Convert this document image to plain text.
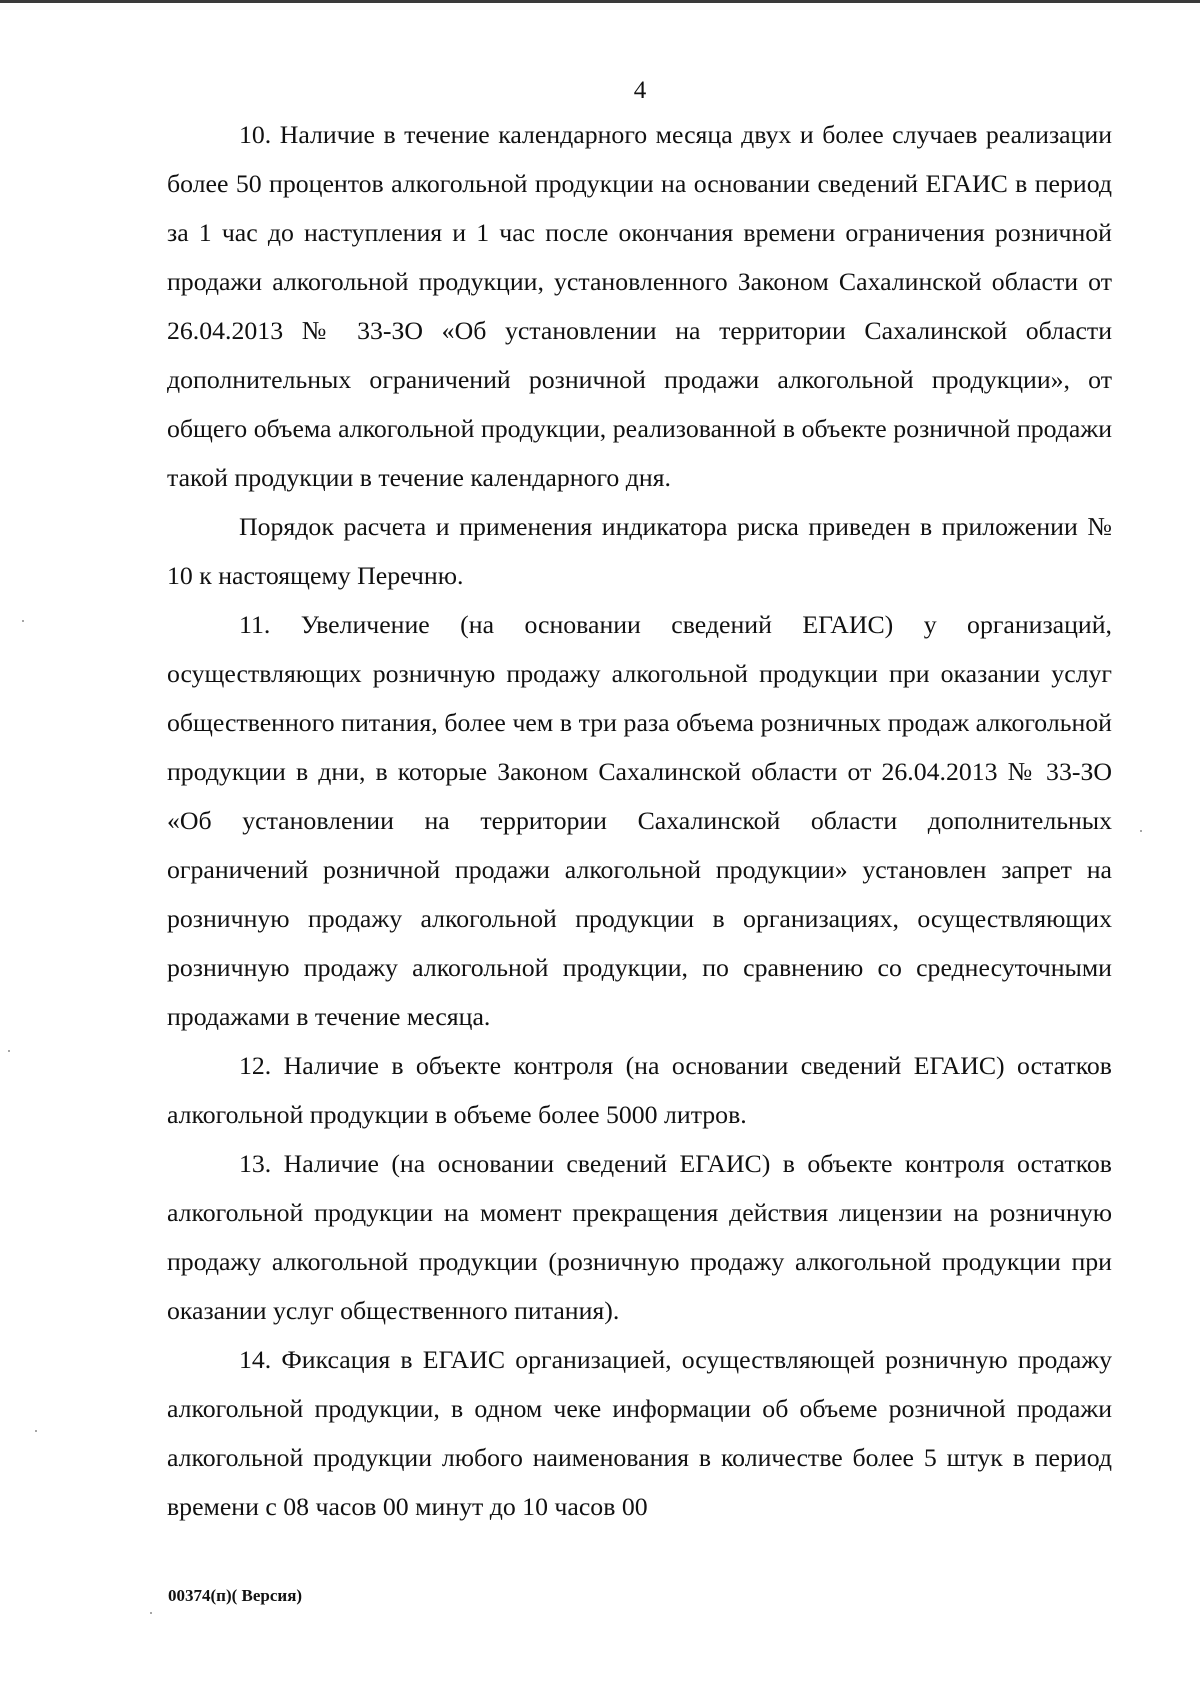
4

10. Наличие в течение календарного месяца двух и более случаев реализации более 50 процентов алкогольной продукции на основании сведений ЕГАИС в период за 1 час до наступления и 1 час после окончания времени ограничения розничной продажи алкогольной продукции, установленного Законом Сахалинской области от 26.04.2013 № 33-ЗО «Об установлении на территории Сахалинской области дополнительных ограничений розничной продажи алкогольной продукции», от общего объема алкогольной продукции, реализованной в объекте розничной продажи такой продукции в течение календарного дня.

Порядок расчета и применения индикатора риска приведен в приложении № 10 к настоящему Перечню.

11. Увеличение (на основании сведений ЕГАИС) у организаций, осуществляющих розничную продажу алкогольной продукции при оказании услуг общественного питания, более чем в три раза объема розничных продаж алкогольной продукции в дни, в которые Законом Сахалинской области от 26.04.2013 № 33-ЗО «Об установлении на территории Сахалинской области дополнительных ограничений розничной продажи алкогольной продукции» установлен запрет на розничную продажу алкогольной продукции в организациях, осуществляющих розничную продажу алкогольной продукции, по сравнению со среднесуточными продажами в течение месяца.

12. Наличие в объекте контроля (на основании сведений ЕГАИС) остатков алкогольной продукции в объеме более 5000 литров.

13. Наличие (на основании сведений ЕГАИС) в объекте контроля остатков алкогольной продукции на момент прекращения действия лицензии на розничную продажу алкогольной продукции (розничную продажу алкогольной продукции при оказании услуг общественного питания).

14. Фиксация в ЕГАИС организацией, осуществляющей розничную продажу алкогольной продукции, в одном чеке информации об объеме розничной продажи алкогольной продукции любого наименования в количестве более 5 штук в период времени с 08 часов 00 минут до 10 часов 00

00374(п)( Версия)
